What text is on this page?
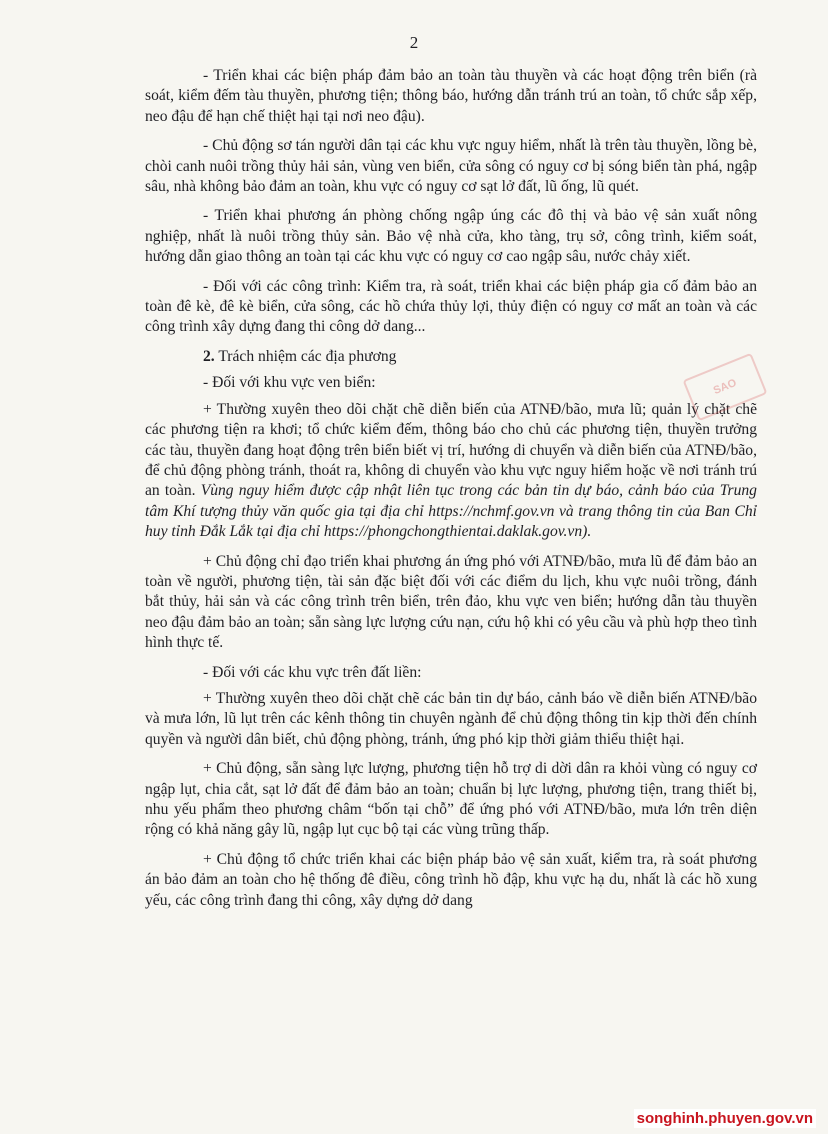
2

- Triển khai các biện pháp đảm bảo an toàn tàu thuyền và các hoạt động trên biển (rà soát, kiểm đếm tàu thuyền, phương tiện; thông báo, hướng dẫn tránh trú an toàn, tổ chức sắp xếp, neo đậu để hạn chế thiệt hại tại nơi neo đậu).

- Chủ động sơ tán người dân tại các khu vực nguy hiểm, nhất là trên tàu thuyền, lồng bè, chòi canh nuôi trồng thủy hải sản, vùng ven biển, cửa sông có nguy cơ bị sóng biển tàn phá, ngập sâu, nhà không bảo đảm an toàn, khu vực có nguy cơ sạt lở đất, lũ ống, lũ quét.

- Triển khai phương án phòng chống ngập úng các đô thị và bảo vệ sản xuất nông nghiệp, nhất là nuôi trồng thủy sản. Bảo vệ nhà cửa, kho tàng, trụ sở, công trình, kiểm soát, hướng dẫn giao thông an toàn tại các khu vực có nguy cơ cao ngập sâu, nước chảy xiết.

- Đối với các công trình: Kiểm tra, rà soát, triển khai các biện pháp gia cố đảm bảo an toàn đê kè, đê kè biển, cửa sông, các hồ chứa thủy lợi, thủy điện có nguy cơ mất an toàn và các công trình xây dựng đang thi công dở dang...

2. Trách nhiệm các địa phương

- Đối với khu vực ven biển:

+ Thường xuyên theo dõi chặt chẽ diễn biến của ATNĐ/bão, mưa lũ; quản lý chặt chẽ các phương tiện ra khơi; tổ chức kiểm đếm, thông báo cho chủ các phương tiện, thuyền trưởng các tàu, thuyền đang hoạt động trên biển biết vị trí, hướng di chuyển và diễn biến của ATNĐ/bão, để chủ động phòng tránh, thoát ra, không di chuyển vào khu vực nguy hiểm hoặc về nơi tránh trú an toàn. Vùng nguy hiểm được cập nhật liên tục trong các bản tin dự báo, cảnh báo của Trung tâm Khí tượng thủy văn quốc gia tại địa chỉ https://nchmf.gov.vn và trang thông tin của Ban Chỉ huy tỉnh Đắk Lắk tại địa chỉ https://phongchongthientai.daklak.gov.vn).

+ Chủ động chỉ đạo triển khai phương án ứng phó với ATNĐ/bão, mưa lũ để đảm bảo an toàn về người, phương tiện, tài sản đặc biệt đối với các điểm du lịch, khu vực nuôi trồng, đánh bắt thủy, hải sản và các công trình trên biển, trên đảo, khu vực ven biển; hướng dẫn tàu thuyền neo đậu đảm bảo an toàn; sẵn sàng lực lượng cứu nạn, cứu hộ khi có yêu cầu và phù hợp theo tình hình thực tế.

- Đối với các khu vực trên đất liền:

+ Thường xuyên theo dõi chặt chẽ các bản tin dự báo, cảnh báo về diễn biến ATNĐ/bão và mưa lớn, lũ lụt trên các kênh thông tin chuyên ngành để chủ động thông tin kịp thời đến chính quyền và người dân biết, chủ động phòng, tránh, ứng phó kịp thời giảm thiểu thiệt hại.

+ Chủ động, sẵn sàng lực lượng, phương tiện hỗ trợ di dời dân ra khỏi vùng có nguy cơ ngập lụt, chia cắt, sạt lở đất để đảm bảo an toàn; chuẩn bị lực lượng, phương tiện, trang thiết bị, nhu yếu phẩm theo phương châm “bốn tại chỗ” để ứng phó với ATNĐ/bão, mưa lớn trên diện rộng có khả năng gây lũ, ngập lụt cục bộ tại các vùng trũng thấp.

+ Chủ động tổ chức triển khai các biện pháp bảo vệ sản xuất, kiểm tra, rà soát phương án bảo đảm an toàn cho hệ thống đê điều, công trình hồ đập, khu vực hạ du, nhất là các hồ xung yếu, các công trình đang thi công, xây dựng dở dang

SAO
songhinh.phuyen.gov.vn
